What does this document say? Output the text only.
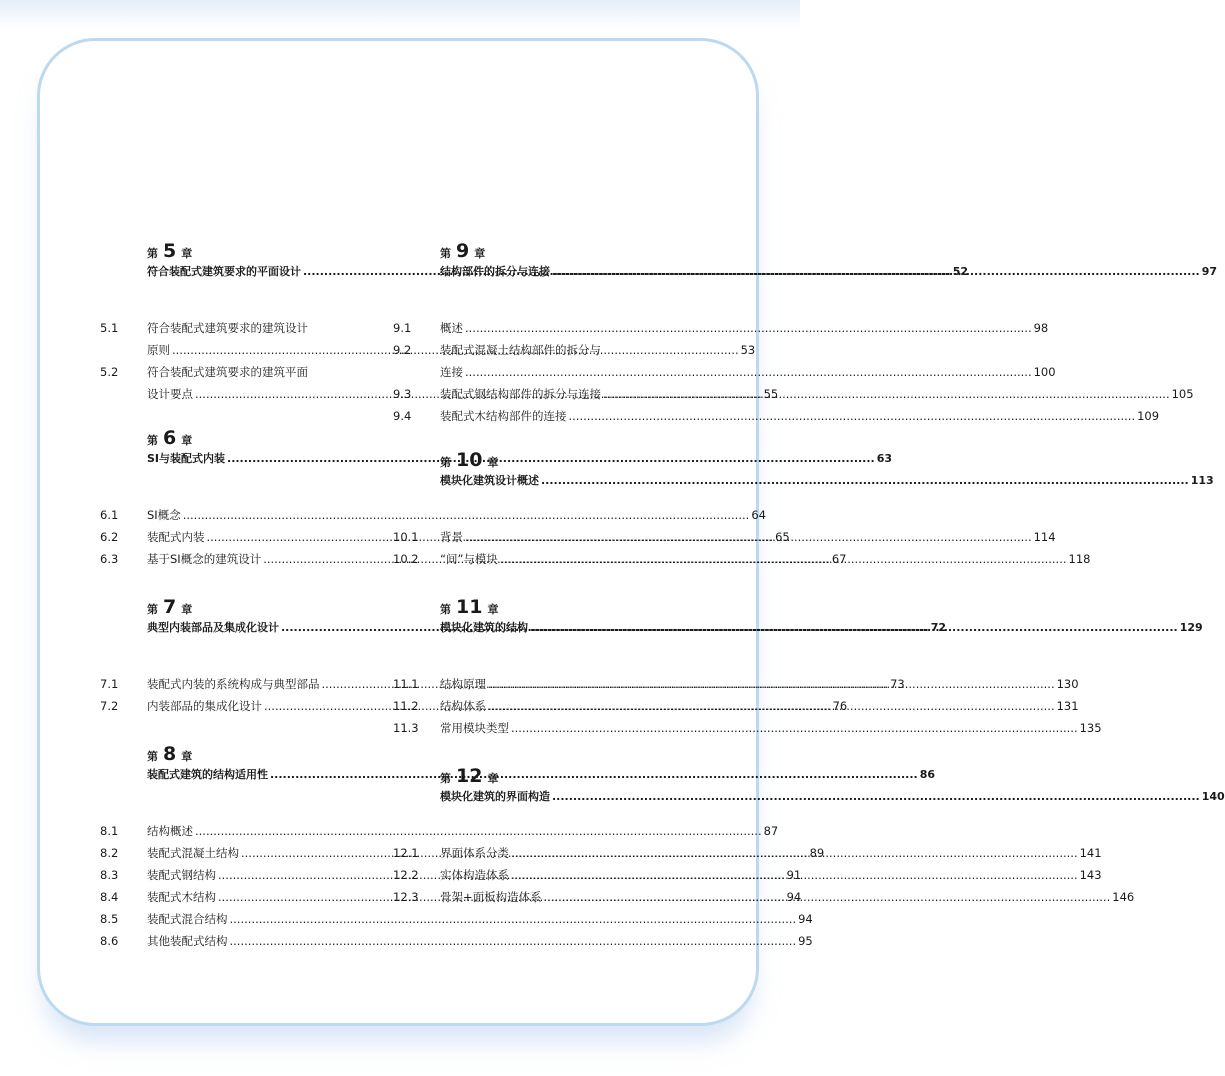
第 5 章
符合装配式建筑要求的平面设计 .....	52
5.1	符合装配式建筑要求的建筑设计
原则 .....	53
5.2	符合装配式建筑要求的建筑平面
设计要点 .....	55
第 6 章
SI与装配式内装 .....	63
6.1	SI概念 .....	64
6.2	装配式内装 .....	65
6.3	基于SI概念的建筑设计 .....	67
第 7 章
典型内装部品及集成化设计 .....	72
7.1	装配式内装的系统构成与典型部品 .....	73
7.2	内装部品的集成化设计 .....	76
第 8 章
装配式建筑的结构适用性 .....	86
8.1	结构概述 .....	87
8.2	装配式混凝土结构 .....	89
8.3	装配式钢结构 .....	91
8.4	装配式木结构 .....	94
8.5	装配式混合结构 .....	94
8.6	其他装配式结构 .....	95
第 9 章
结构部件的拆分与连接 .....	97
9.1	概述 .....	98
9.2	装配式混凝土结构部件的拆分与
连接 .....	100
9.3	装配式钢结构部件的拆分与连接 .....	105
9.4	装配式木结构部件的连接 .....	109
第 10 章
模块化建筑设计概述 .....	113
10.1	背景 .....	114
10.2	“间”与模块 .....	118
第 11 章
模块化建筑的结构 .....	129
11.1	结构原理 .....	130
11.2	结构体系 .....	131
11.3	常用模块类型 .....	135
第 12 章
模块化建筑的界面构造 .....	140
12.1	界面体系分类 .....	141
12.2	实体构造体系 .....	143
12.3	骨架+面板构造体系 .....	146
